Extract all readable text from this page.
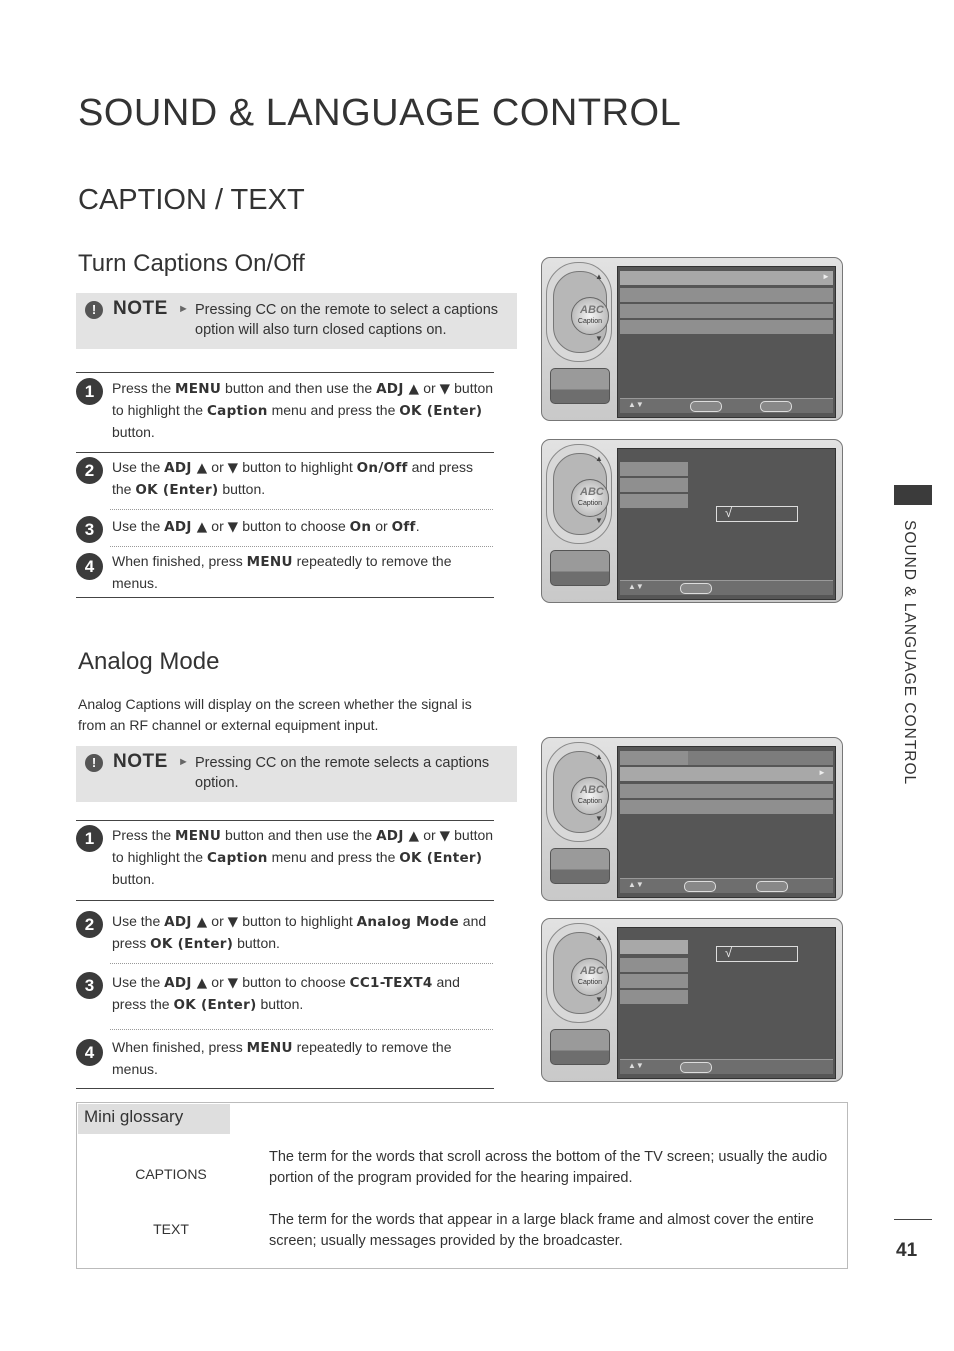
SOUND & LANGUAGE CONTROL
CAPTION / TEXT
Turn Captions On/Off
! NOTE ► Pressing CC on the remote to select a captions
option will also turn closed captions on.
1	Press the MENU button and then use the ADJ ▲ or ▼ button to highlight the Caption menu and press the OK (Enter) button.
2	Use the ADJ ▲ or ▼ button to highlight On/Off and press the OK (Enter) button.
3	Use the ADJ ▲ or ▼ button to choose On or Off.
4	When finished, press MENU repeatedly to remove the menus.
Analog Mode
Analog Captions will display on the screen whether the signal is from an RF channel or external equipment input.
! NOTE ► Pressing CC on the remote selects a captions
option.
1	Press the MENU button and then use the ADJ ▲ or ▼ button to highlight the Caption menu and press the OK (Enter) button.
2	Use the ADJ ▲ or ▼ button to highlight Analog Mode and press OK (Enter) button.
3	Use the ADJ ▲ or ▼ button to choose CC1-TEXT4 and press the OK (Enter) button.
4	When finished, press MENU repeatedly to remove the menus.
SOUND & LANGUAGE CONTROL
41
Mini glossary
CAPTIONS
The term for the words that scroll across the bottom of the TV screen; usually the audio portion of the program provided for the hearing impaired.
TEXT
The term for the words that appear in a large black frame and almost cover the entire screen; usually messages provided by the broadcaster.
ABC
Caption
▲
▼
►
▲▼
ABC
Caption
▲
▼
√
▲▼
ABC
Caption
▲
▼
►
▲▼
ABC
Caption
▲
▼
√
▲▼
